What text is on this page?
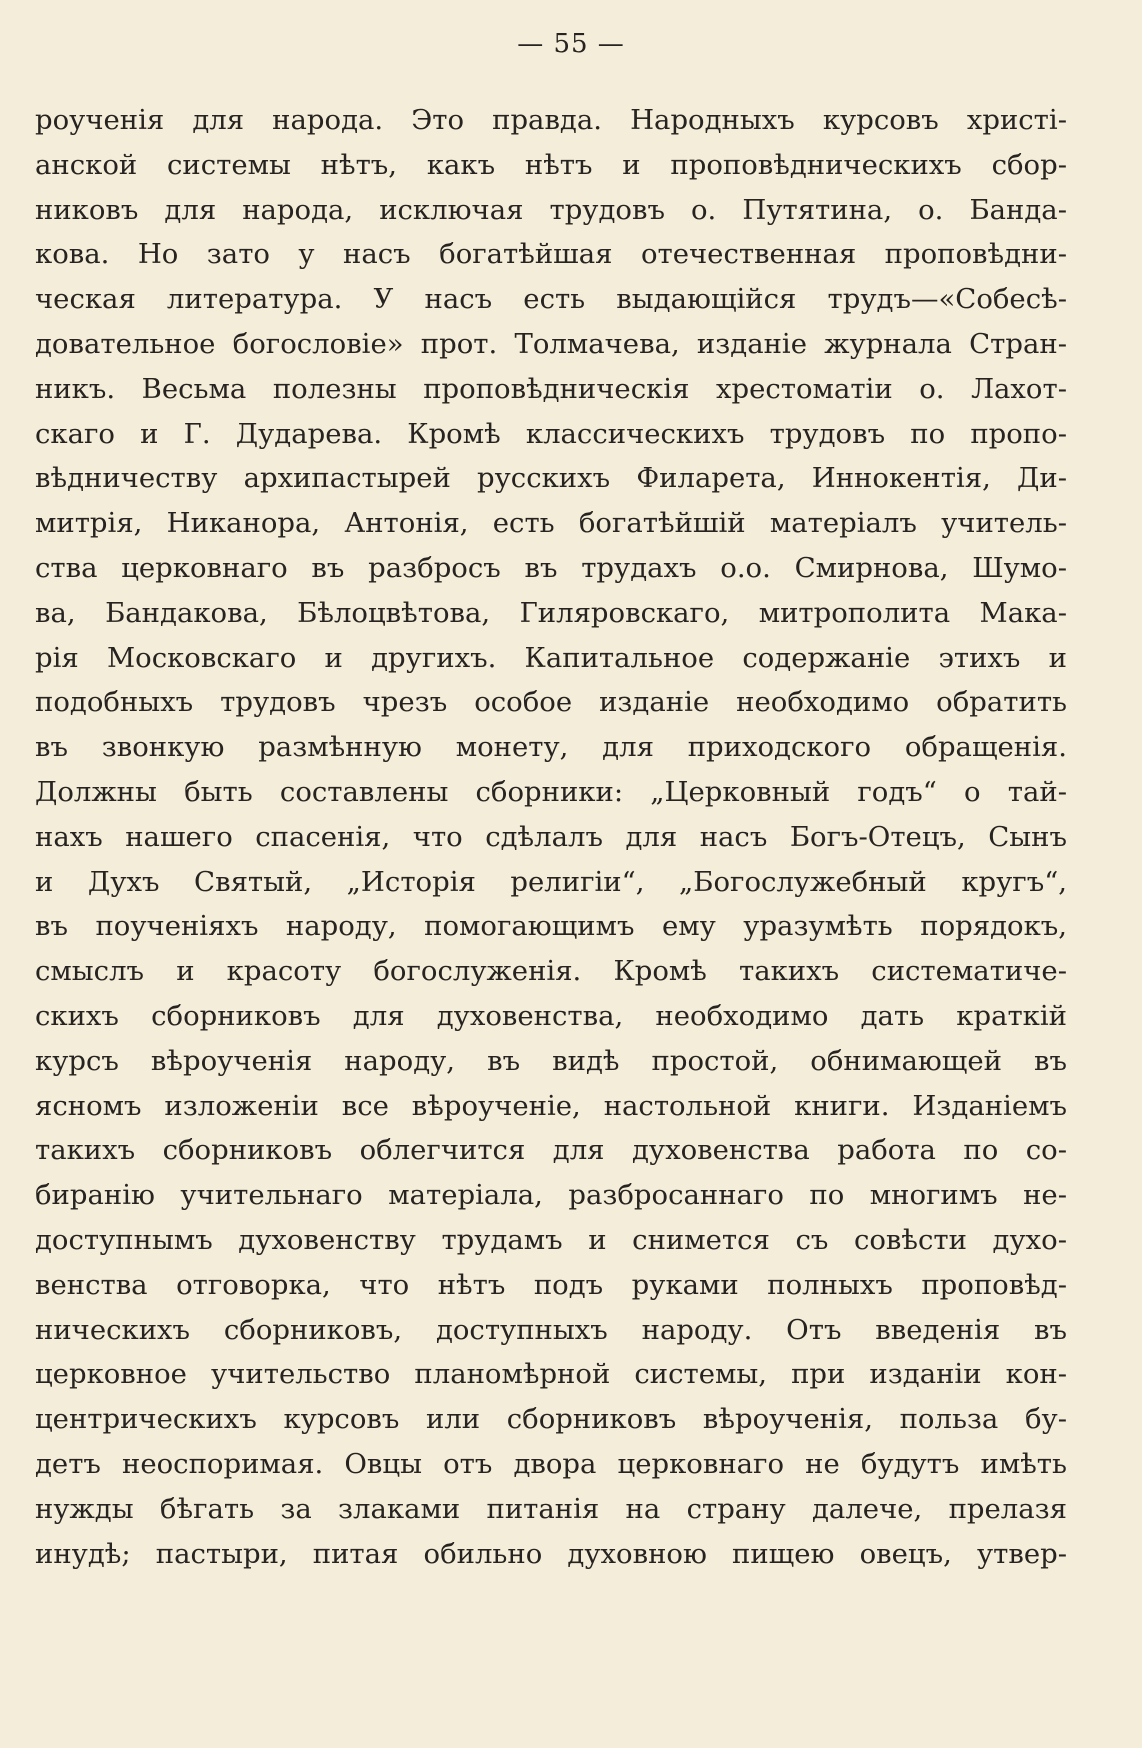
— 55 —
роученія для народа. Это правда. Народныхъ курсовъ христі-
анской системы нѣтъ, какъ нѣтъ и проповѣдническихъ сбор-
никовъ для народа, исключая трудовъ о. Путятина, о. Банда-
кова. Но зато у насъ богатѣйшая отечественная проповѣдни-
ческая литература. У насъ есть выдающійся трудъ—«Собесѣ-
довательное богословіе» прот. Толмачева, изданіе журнала Стран-
никъ. Весьма полезны проповѣдническія хрестоматіи о. Лахот-
скаго и Г. Дударева. Кромѣ классическихъ трудовъ по пропо-
вѣдничеству архипастырей русскихъ Филарета, Иннокентія, Ди-
митрія, Никанора, Антонія, есть богатѣйшій матеріалъ учитель-
ства церковнаго въ разбросъ въ трудахъ о.о. Смирнова, Шумо-
ва, Бандакова, Бѣлоцвѣтова, Гиляровскаго, митрополита Мака-
рія Московскаго и другихъ. Капитальное содержаніе этихъ и
подобныхъ трудовъ чрезъ особое изданіе необходимо обратить
въ звонкую размѣнную монету, для приходского обращенія.
Должны быть составлены сборники: „Церковный годъ“ о тай-
нахъ нашего спасенія, что сдѣлалъ для насъ Богъ-Отецъ, Сынъ
и Духъ Святый, „Исторія религіи“, „Богослужебный кругъ“,
въ поученіяхъ народу, помогающимъ ему уразумѣть порядокъ,
смыслъ и красоту богослуженія. Кромѣ такихъ систематиче-
скихъ сборниковъ для духовенства, необходимо дать краткій
курсъ вѣроученія народу, въ видѣ простой, обнимающей въ
ясномъ изложеніи все вѣроученіе, настольной книги. Изданіемъ
такихъ сборниковъ облегчится для духовенства работа по со-
биранію учительнаго матеріала, разбросаннаго по многимъ не-
доступнымъ духовенству трудамъ и снимется съ совѣсти духо-
венства отговорка, что нѣтъ подъ руками полныхъ проповѣд-
ническихъ сборниковъ, доступныхъ народу. Отъ введенія въ
церковное учительство планомѣрной системы, при изданіи кон-
центрическихъ курсовъ или сборниковъ вѣроученія, польза бу-
детъ неоспоримая. Овцы отъ двора церковнаго не будутъ имѣть
нужды бѣгать за злаками питанія на страну далече, прелазя
инудѣ; пастыри, питая обильно духовною пищею овецъ, утвер-
